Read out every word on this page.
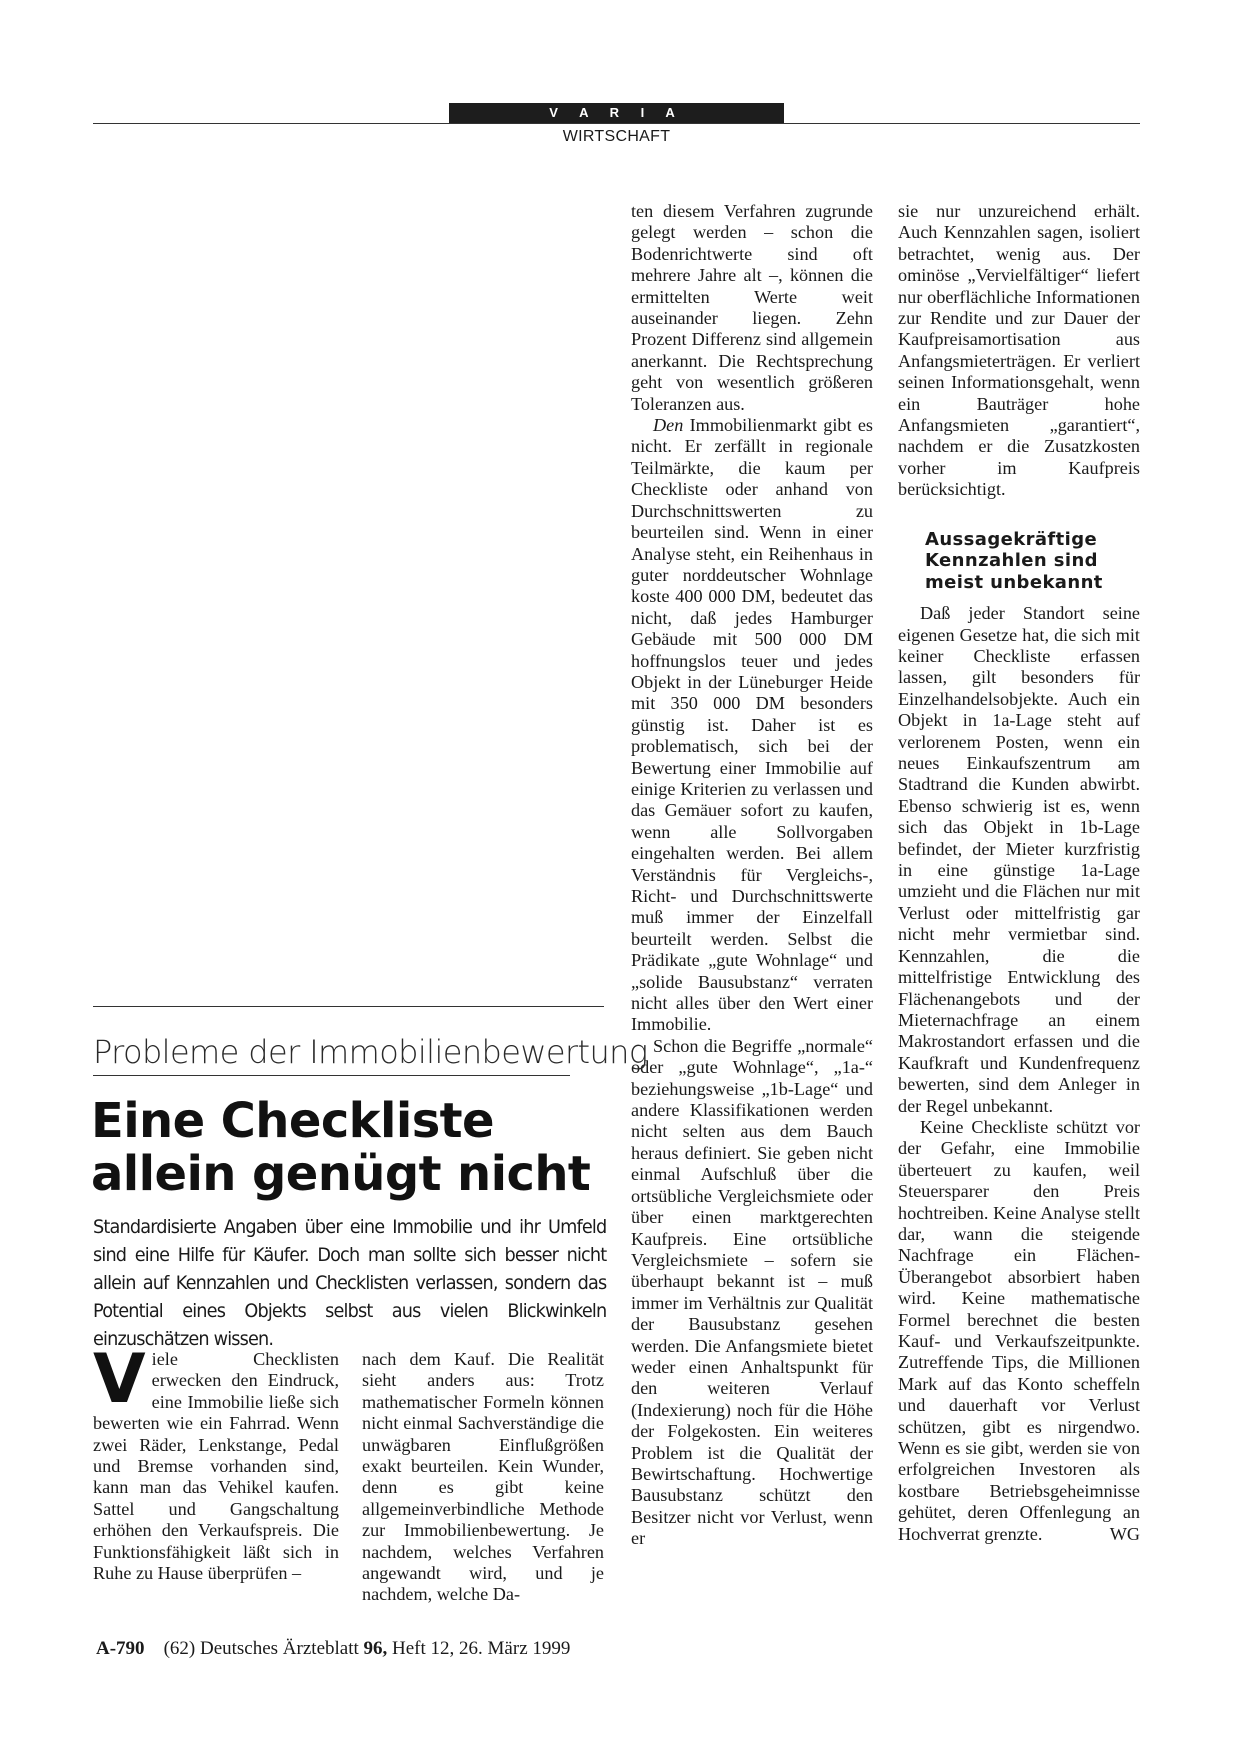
V A R I A
WIRTSCHAFT

ten diesem Verfahren zugrunde gelegt werden – schon die Bodenrichtwerte sind oft mehrere Jahre alt –, können die ermittelten Werte weit auseinander liegen. Zehn Prozent Differenz sind allgemein anerkannt. Die Rechtsprechung geht von wesentlich größeren Toleranzen aus.

Den Immobilienmarkt gibt es nicht. Er zerfällt in regionale Teilmärkte, die kaum per Checkliste oder anhand von Durchschnittswerten zu beurteilen sind. Wenn in einer Analyse steht, ein Reihenhaus in guter norddeutscher Wohnlage koste 400 000 DM, bedeutet das nicht, daß jedes Hamburger Gebäude mit 500 000 DM hoffnungslos teuer und jedes Objekt in der Lüneburger Heide mit 350 000 DM besonders günstig ist. Daher ist es problematisch, sich bei der Bewertung einer Immobilie auf einige Kriterien zu verlassen und das Gemäuer sofort zu kaufen, wenn alle Sollvorgaben eingehalten werden. Bei allem Verständnis für Vergleichs-, Richt- und Durchschnittswerte muß immer der Einzelfall beurteilt werden. Selbst die Prädikate „gute Wohnlage“ und „solide Bausubstanz“ verraten nicht alles über den Wert einer Immobilie.

Schon die Begriffe „normale“ oder „gute Wohnlage“, „1a-“ beziehungsweise „1b-Lage“ und andere Klassifikationen werden nicht selten aus dem Bauch heraus definiert. Sie geben nicht einmal Aufschluß über die ortsübliche Vergleichsmiete oder über einen marktgerechten Kaufpreis. Eine ortsübliche Vergleichsmiete – sofern sie überhaupt bekannt ist – muß immer im Verhältnis zur Qualität der Bausubstanz gesehen werden. Die Anfangsmiete bietet weder einen Anhaltspunkt für den weiteren Verlauf (Indexierung) noch für die Höhe der Folgekosten. Ein weiteres Problem ist die Qualität der Bewirtschaftung. Hochwertige Bausubstanz schützt den Besitzer nicht vor Verlust, wenn er

sie nur unzureichend erhält. Auch Kennzahlen sagen, isoliert betrachtet, wenig aus. Der ominöse „Vervielfältiger“ liefert nur oberflächliche Informationen zur Rendite und zur Dauer der Kaufpreisamortisation aus Anfangsmieterträgen. Er verliert seinen Informationsgehalt, wenn ein Bauträger hohe Anfangsmieten „garantiert“, nachdem er die Zusatzkosten vorher im Kaufpreis berücksichtigt.

Aussagekräftige Kennzahlen sind meist unbekannt

Daß jeder Standort seine eigenen Gesetze hat, die sich mit keiner Checkliste erfassen lassen, gilt besonders für Einzelhandelsobjekte. Auch ein Objekt in 1a-Lage steht auf verlorenem Posten, wenn ein neues Einkaufszentrum am Stadtrand die Kunden abwirbt. Ebenso schwierig ist es, wenn sich das Objekt in 1b-Lage befindet, der Mieter kurzfristig in eine günstige 1a-Lage umzieht und die Flächen nur mit Verlust oder mittelfristig gar nicht mehr vermietbar sind. Kennzahlen, die die mittelfristige Entwicklung des Flächenangebots und der Mieternachfrage an einem Makrostandort erfassen und die Kaufkraft und Kundenfrequenz bewerten, sind dem Anleger in der Regel unbekannt.

Keine Checkliste schützt vor der Gefahr, eine Immobilie überteuert zu kaufen, weil Steuersparer den Preis hochtreiben. Keine Analyse stellt dar, wann die steigende Nachfrage ein Flächen-Überangebot absorbiert haben wird. Keine mathematische Formel berechnet die besten Kauf- und Verkaufszeitpunkte. Zutreffende Tips, die Millionen Mark auf das Konto scheffeln und dauerhaft vor Verlust schützen, gibt es nirgendwo. Wenn es sie gibt, werden sie von erfolgreichen Investoren als kostbare Betriebsgeheimnisse gehütet, deren Offenlegung an Hochverrat grenzte.	WG

Probleme der Immobilienbewertung
Eine Checkliste
allein genügt nicht

Standardisierte Angaben über eine Immobilie und ihr Umfeld sind eine Hilfe für Käufer. Doch man sollte sich besser nicht allein auf Kennzahlen und Checklisten verlassen, sondern das Potential eines Objekts selbst aus vielen Blickwinkeln einzuschätzen wissen.

Viele Checklisten erwecken den Eindruck, eine Immobilie ließe sich bewerten wie ein Fahrrad. Wenn zwei Räder, Lenkstange, Pedal und Bremse vorhanden sind, kann man das Vehikel kaufen. Sattel und Gangschaltung erhöhen den Verkaufspreis. Die Funktionsfähigkeit läßt sich in Ruhe zu Hause überprüfen –

nach dem Kauf. Die Realität sieht anders aus: Trotz mathematischer Formeln können nicht einmal Sachverständige die unwägbaren Einflußgrößen exakt beurteilen. Kein Wunder, denn es gibt keine allgemeinverbindliche Methode zur Immobilienbewertung. Je nachdem, welches Verfahren angewandt wird, und je nachdem, welche Da-

A-790 (62) Deutsches Ärzteblatt 96, Heft 12, 26. März 1999
